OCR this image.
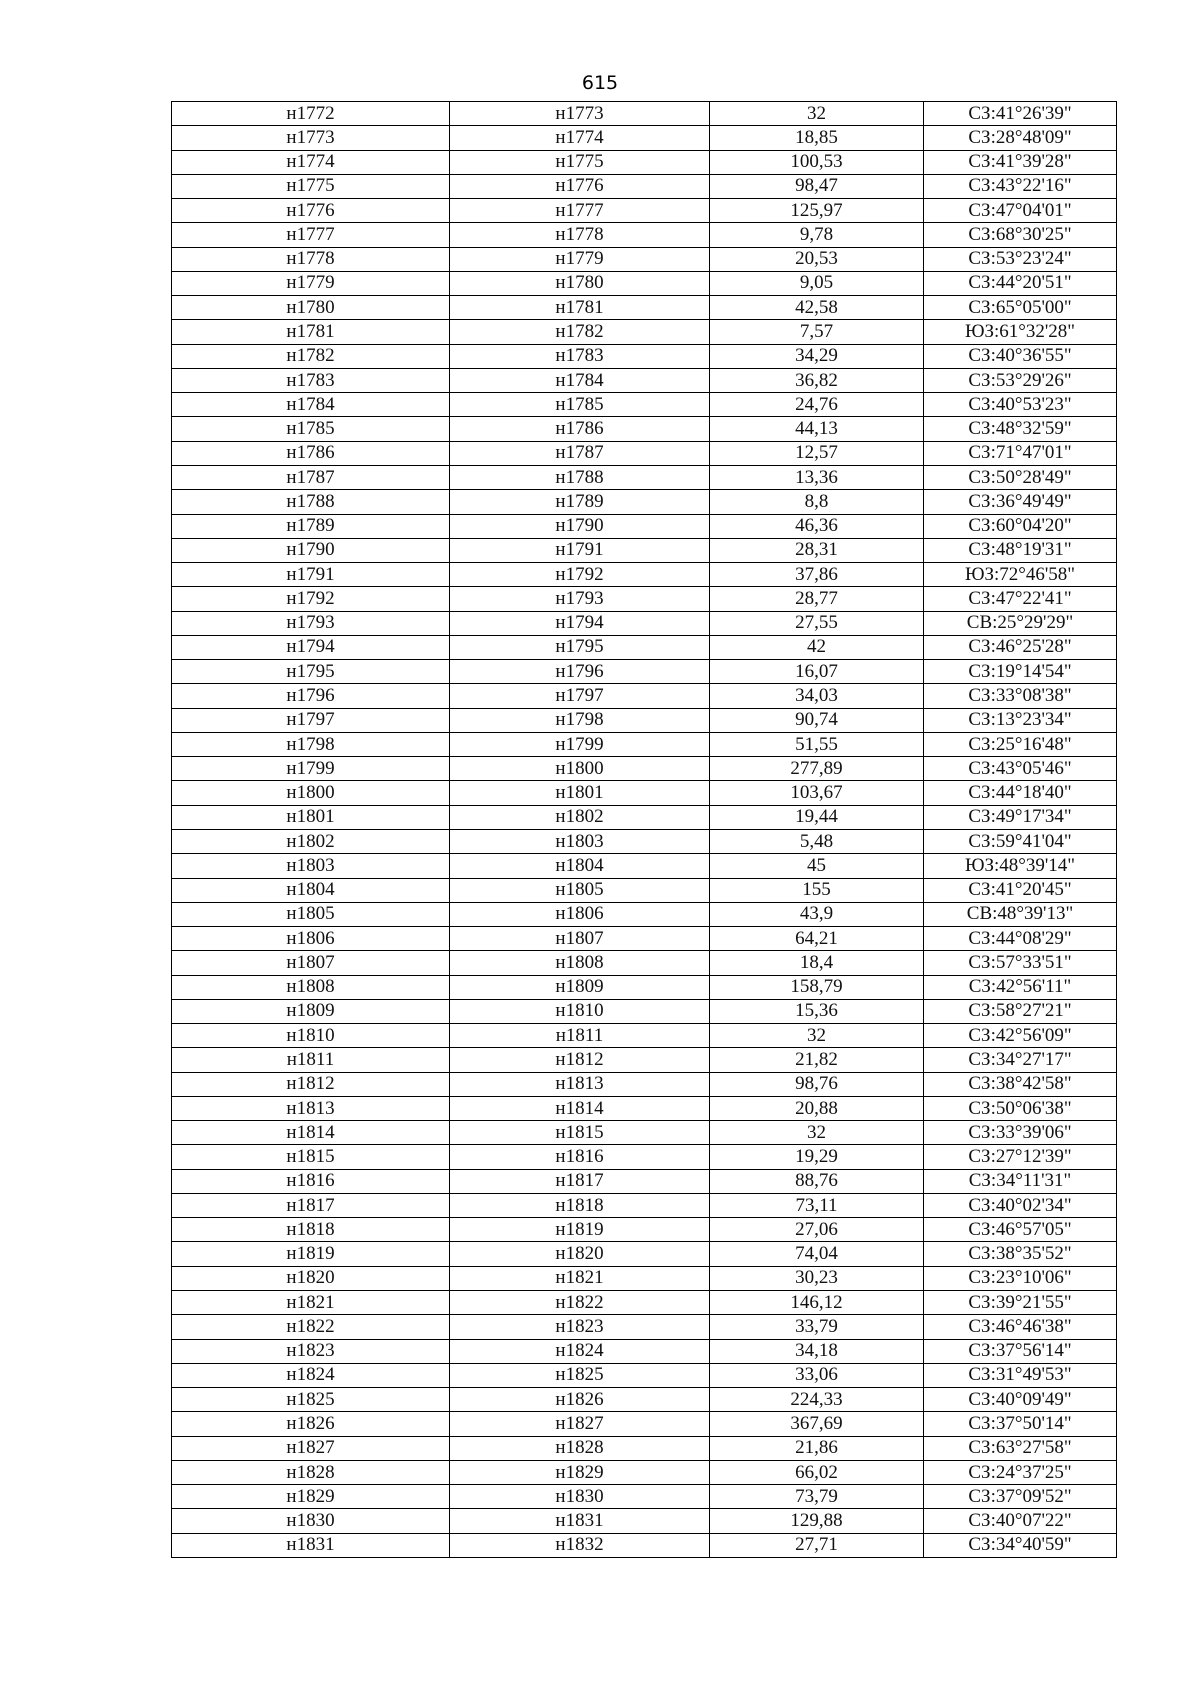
615
н1772	н1773	32	СЗ:41°26'39"
н1773	н1774	18,85	СЗ:28°48'09"
н1774	н1775	100,53	СЗ:41°39'28"
н1775	н1776	98,47	СЗ:43°22'16"
н1776	н1777	125,97	СЗ:47°04'01"
н1777	н1778	9,78	СЗ:68°30'25"
н1778	н1779	20,53	СЗ:53°23'24"
н1779	н1780	9,05	СЗ:44°20'51"
н1780	н1781	42,58	СЗ:65°05'00"
н1781	н1782	7,57	ЮЗ:61°32'28"
н1782	н1783	34,29	СЗ:40°36'55"
н1783	н1784	36,82	СЗ:53°29'26"
н1784	н1785	24,76	СЗ:40°53'23"
н1785	н1786	44,13	СЗ:48°32'59"
н1786	н1787	12,57	СЗ:71°47'01"
н1787	н1788	13,36	СЗ:50°28'49"
н1788	н1789	8,8	СЗ:36°49'49"
н1789	н1790	46,36	СЗ:60°04'20"
н1790	н1791	28,31	СЗ:48°19'31"
н1791	н1792	37,86	ЮЗ:72°46'58"
н1792	н1793	28,77	СЗ:47°22'41"
н1793	н1794	27,55	СВ:25°29'29"
н1794	н1795	42	СЗ:46°25'28"
н1795	н1796	16,07	СЗ:19°14'54"
н1796	н1797	34,03	СЗ:33°08'38"
н1797	н1798	90,74	СЗ:13°23'34"
н1798	н1799	51,55	СЗ:25°16'48"
н1799	н1800	277,89	СЗ:43°05'46"
н1800	н1801	103,67	СЗ:44°18'40"
н1801	н1802	19,44	СЗ:49°17'34"
н1802	н1803	5,48	СЗ:59°41'04"
н1803	н1804	45	ЮЗ:48°39'14"
н1804	н1805	155	СЗ:41°20'45"
н1805	н1806	43,9	СВ:48°39'13"
н1806	н1807	64,21	СЗ:44°08'29"
н1807	н1808	18,4	СЗ:57°33'51"
н1808	н1809	158,79	СЗ:42°56'11"
н1809	н1810	15,36	СЗ:58°27'21"
н1810	н1811	32	СЗ:42°56'09"
н1811	н1812	21,82	СЗ:34°27'17"
н1812	н1813	98,76	СЗ:38°42'58"
н1813	н1814	20,88	СЗ:50°06'38"
н1814	н1815	32	СЗ:33°39'06"
н1815	н1816	19,29	СЗ:27°12'39"
н1816	н1817	88,76	СЗ:34°11'31"
н1817	н1818	73,11	СЗ:40°02'34"
н1818	н1819	27,06	СЗ:46°57'05"
н1819	н1820	74,04	СЗ:38°35'52"
н1820	н1821	30,23	СЗ:23°10'06"
н1821	н1822	146,12	СЗ:39°21'55"
н1822	н1823	33,79	СЗ:46°46'38"
н1823	н1824	34,18	СЗ:37°56'14"
н1824	н1825	33,06	СЗ:31°49'53"
н1825	н1826	224,33	СЗ:40°09'49"
н1826	н1827	367,69	СЗ:37°50'14"
н1827	н1828	21,86	СЗ:63°27'58"
н1828	н1829	66,02	СЗ:24°37'25"
н1829	н1830	73,79	СЗ:37°09'52"
н1830	н1831	129,88	СЗ:40°07'22"
н1831	н1832	27,71	СЗ:34°40'59"
